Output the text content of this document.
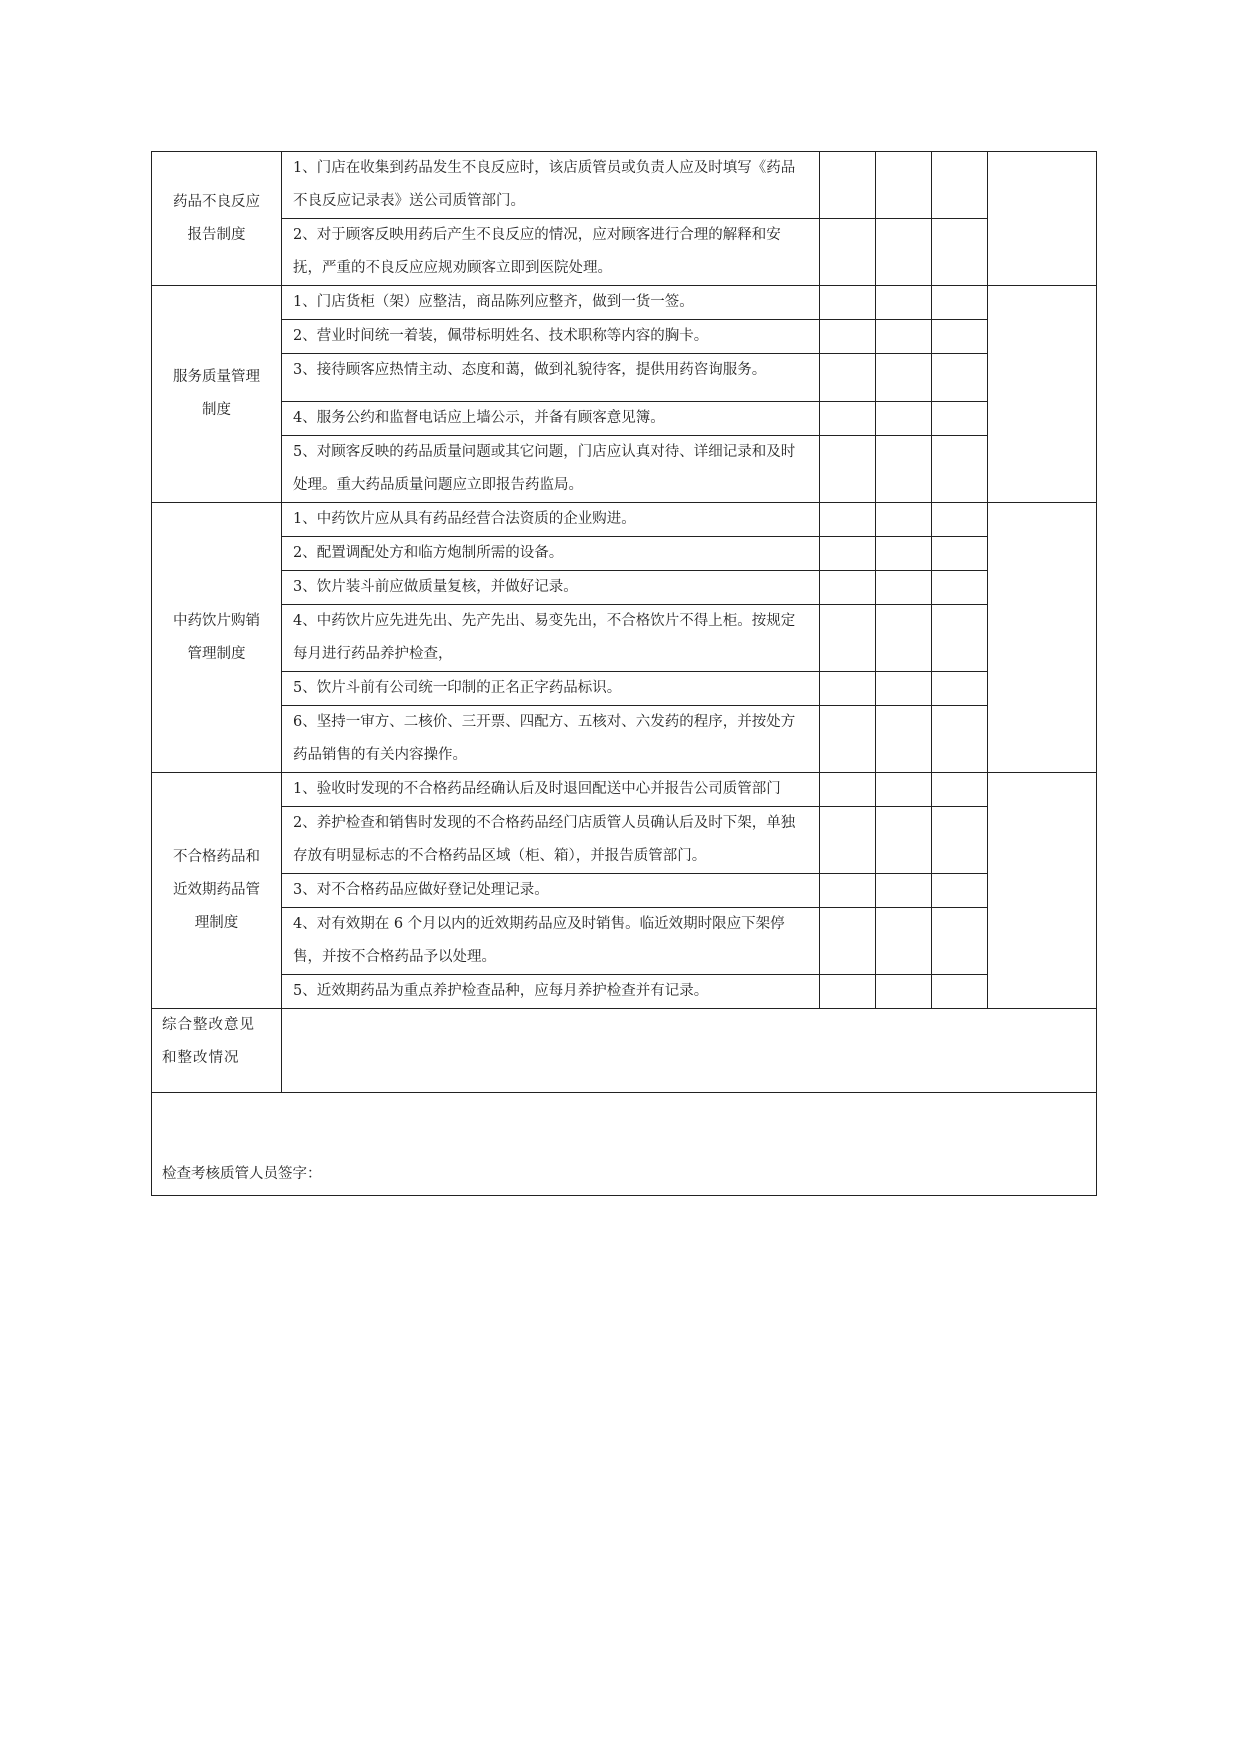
药品不良反应报告制度	1、门店在收集到药品发生不良反应时，该店质管员或负责人应及时填写《药品不良反应记录表》送公司质管部门。				
	2、对于顾客反映用药后产生不良反应的情况，应对顾客进行合理的解释和安抚，严重的不良反应应规劝顾客立即到医院处理。				
服务质量管理制度	1、门店货柜（架）应整洁，商品陈列应整齐，做到一货一签。				
	2、营业时间统一着装，佩带标明姓名、技术职称等内容的胸卡。				
	3、接待顾客应热情主动、态度和蔼，做到礼貌待客，提供用药咨询服务。				
	4、服务公约和监督电话应上墙公示，并备有顾客意见簿。				
	5、对顾客反映的药品质量问题或其它问题，门店应认真对待、详细记录和及时处理。重大药品质量问题应立即报告药监局。				
中药饮片购销管理制度	1、中药饮片应从具有药品经营合法资质的企业购进。				
	2、配置调配处方和临方炮制所需的设备。				
	3、饮片装斗前应做质量复核，并做好记录。				
	4、中药饮片应先进先出、先产先出、易变先出，不合格饮片不得上柜。按规定每月进行药品养护检查，				
	5、饮片斗前有公司统一印制的正名正字药品标识。				
	6、坚持一审方、二核价、三开票、四配方、五核对、六发药的程序，并按处方药品销售的有关内容操作。				
不合格药品和近效期药品管理制度	1、验收时发现的不合格药品经确认后及时退回配送中心并报告公司质管部门				
	2、养护检查和销售时发现的不合格药品经门店质管人员确认后及时下架，单独存放有明显标志的不合格药品区域（柜、箱），并报告质管部门。				
	3、对不合格药品应做好登记处理记录。				
	4、对有效期在 6 个月以内的近效期药品应及时销售。临近效期时限应下架停售，并按不合格药品予以处理。				
	5、近效期药品为重点养护检查品种，应每月养护检查并有记录。				

综合整改意见
和整改情况					

检查考核质管人员签字：					
